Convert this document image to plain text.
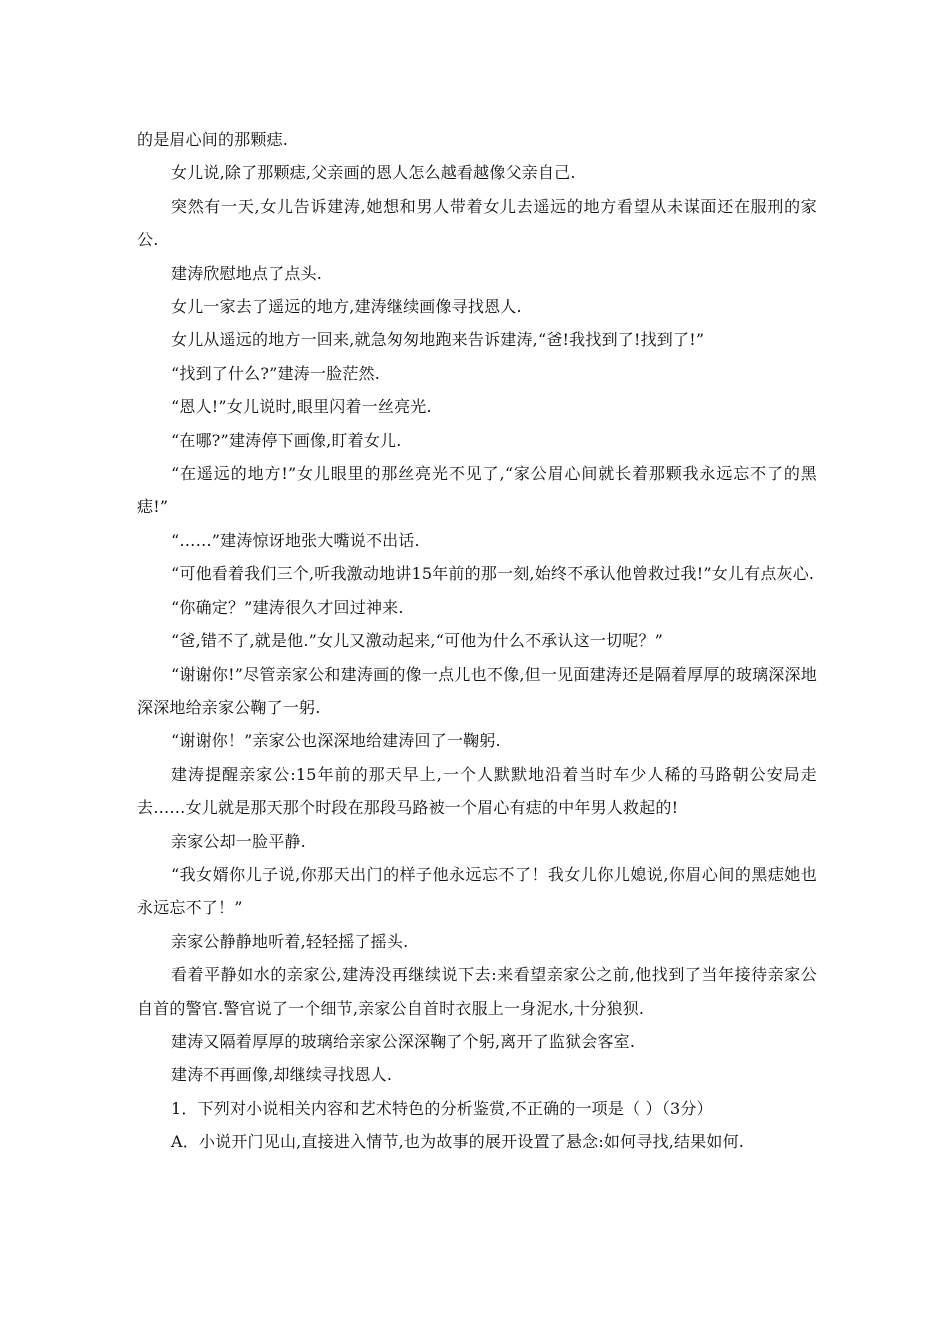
的是眉心间的那颗痣.

女儿说,除了那颗痣,父亲画的恩人怎么越看越像父亲自己.

突然有一天,女儿告诉建涛,她想和男人带着女儿去遥远的地方看望从未谋面还在服刑的家公.

建涛欣慰地点了点头.

女儿一家去了遥远的地方,建涛继续画像寻找恩人.

女儿从遥远的地方一回来,就急匆匆地跑来告诉建涛,“爸!我找到了!找到了!”

“找到了什么?”建涛一脸茫然.

“恩人!”女儿说时,眼里闪着一丝亮光.

“在哪?”建涛停下画像,盯着女儿.

“在遥远的地方!”女儿眼里的那丝亮光不见了,“家公眉心间就长着那颗我永远忘不了的黑痣!”

“……”建涛惊讶地张大嘴说不出话.

“可他看着我们三个,听我激动地讲15年前的那一刻,始终不承认他曾救过我!”女儿有点灰心.

“你确定？”建涛很久才回过神来.

“爸,错不了,就是他.”女儿又激动起来,“可他为什么不承认这一切呢？”

“谢谢你!”尽管亲家公和建涛画的像一点儿也不像,但一见面建涛还是隔着厚厚的玻璃深深地深深地给亲家公鞠了一躬.

“谢谢你！”亲家公也深深地给建涛回了一鞠躬.

建涛提醒亲家公:15年前的那天早上,一个人默默地沿着当时车少人稀的马路朝公安局走去……女儿就是那天那个时段在那段马路被一个眉心有痣的中年男人救起的!

亲家公却一脸平静.

“我女婿你儿子说,你那天出门的样子他永远忘不了！我女儿你儿媳说,你眉心间的黑痣她也永远忘不了！”

亲家公静静地听着,轻轻摇了摇头.

看着平静如水的亲家公,建涛没再继续说下去:来看望亲家公之前,他找到了当年接待亲家公自首的警官.警官说了一个细节,亲家公自首时衣服上一身泥水,十分狼狈.

建涛又隔着厚厚的玻璃给亲家公深深鞠了个躬,离开了监狱会客室.

建涛不再画像,却继续寻找恩人.

1．下列对小说相关内容和艺术特色的分析鉴赏,不正确的一项是（ ）（3分）

A．小说开门见山,直接进入情节,也为故事的展开设置了悬念:如何寻找,结果如何.
